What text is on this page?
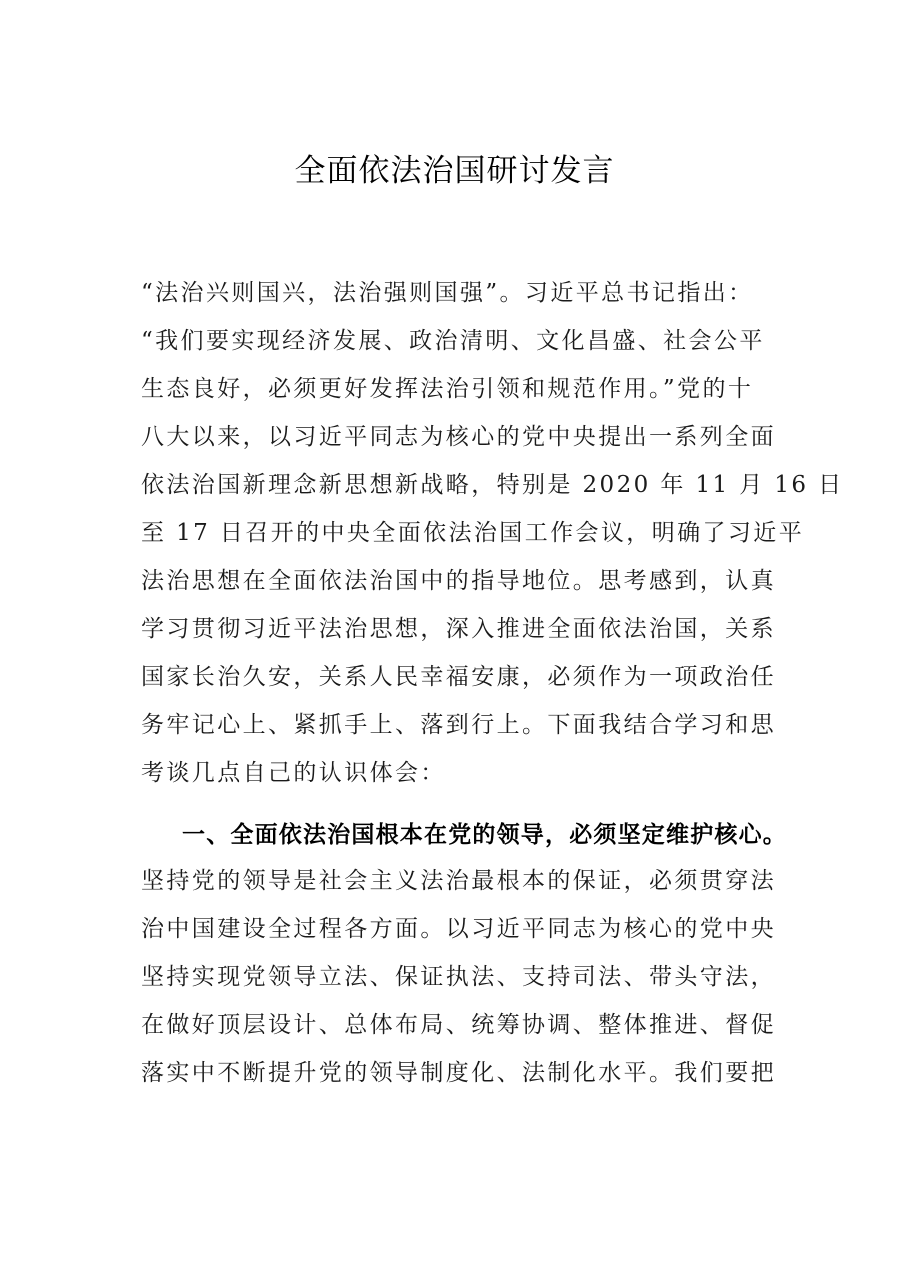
全面依法治国研讨发言

“法治兴则国兴，法治强则国强”。习近平总书记指出：

“我们要实现经济发展、政治清明、文化昌盛、社会公平

生态良好，必须更好发挥法治引领和规范作用。”党的十

八大以来，以习近平同志为核心的党中央提出一系列全面

依法治国新理念新思想新战略，特别是 2020 年 11 月 16 日

至 17 日召开的中央全面依法治国工作会议，明确了习近平

法治思想在全面依法治国中的指导地位。思考感到，认真

学习贯彻习近平法治思想，深入推进全面依法治国，关系

国家长治久安，关系人民幸福安康，必须作为一项政治任

务牢记心上、紧抓手上、落到行上。下面我结合学习和思

考谈几点自己的认识体会：

一、全面依法治国根本在党的领导，必须坚定维护核心。

坚持党的领导是社会主义法治最根本的保证，必须贯穿法

治中国建设全过程各方面。以习近平同志为核心的党中央

坚持实现党领导立法、保证执法、支持司法、带头守法，

在做好顶层设计、总体布局、统筹协调、整体推进、督促

落实中不断提升党的领导制度化、法制化水平。我们要把
